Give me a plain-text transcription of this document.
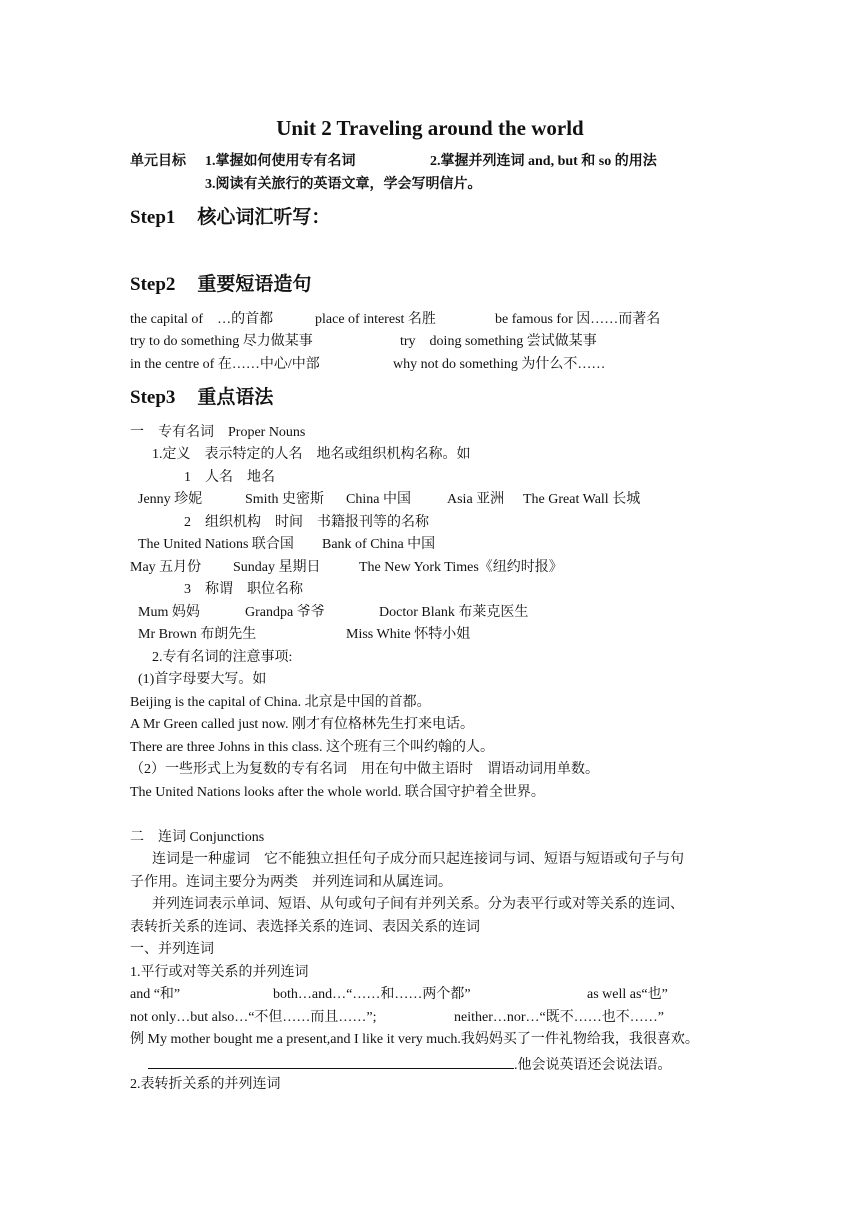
Unit 2 Traveling around the world
单元目标 1.掌握如何使用专有名词	2.掌握并列连词 and, but 和 so 的用法
3.阅读有关旅行的英语文章，学会写明信片。
Step1 核心词汇听写：
Step2 重要短语造句
the capital of　…的首都	place of interest 名胜	be famous for 因……而著名
try to do something 尽力做某事	try　doing something 尝试做某事
in the centre of 在……中心/中部	why not do something 为什么不……
Step3 重点语法
一　专有名词　Proper Nouns
1.定义　表示特定的人名　地名或组织机构名称。如
1　人名　地名
Jenny 珍妮	Smith 史密斯 China 中国	Asia 亚洲 The Great Wall 长城
2　组织机构　时间　书籍报刊等的名称
The United Nations 联合国 Bank of China 中国
May 五月份 Sunday 星期日	The New York Times《纽约时报》
3　称谓　职位名称
Mum 妈妈	Grandpa 爷爷	Doctor Blank 布莱克医生
Mr Brown 布朗先生	Miss White 怀特小姐
2.专有名词的注意事项:
(1)首字母要大写。如
Beijing is the capital of China. 北京是中国的首都。
A Mr Green called just now. 刚才有位格林先生打来电话。
There are three Johns in this class. 这个班有三个叫约翰的人。
（2）一些形式上为复数的专有名词　用在句中做主语时　谓语动词用单数。
The United Nations looks after the whole world. 联合国守护着全世界。
二　连词 Conjunctions
连词是一种虚词　它不能独立担任句子成分而只起连接词与词、短语与短语或句子与句
子作用。连词主要分为两类　并列连词和从属连词。
并列连词表示单词、短语、从句或句子间有并列关系。分为表平行或对等关系的连词、
表转折关系的连词、表选择关系的连词、表因关系的连词
一、并列连词
1.平行或对等关系的并列连词
and “和”	both…and…“……和……两个都”	as well as“也”
not only…but also…“不但……而且……”;	neither…nor…“既不……也不……”
例 My mother bought me a present,and I like it very much.我妈妈买了一件礼物给我，我很喜欢。
.他会说英语还会说法语。
2.表转折关系的并列连词
